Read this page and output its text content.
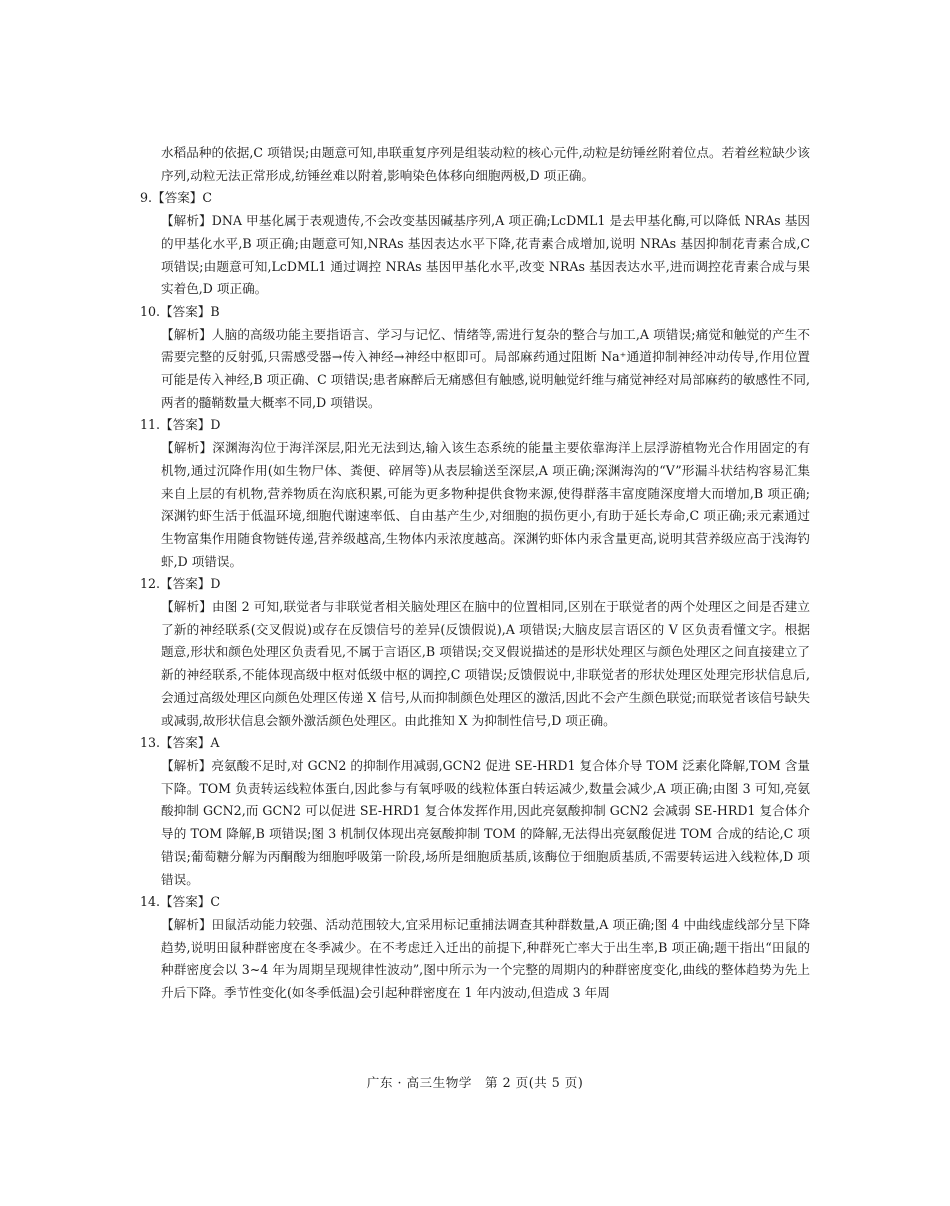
水稻品种的依据,C 项错误;由题意可知,串联重复序列是组装动粒的核心元件,动粒是纺锤丝附着位点。若着丝粒缺少该序列,动粒无法正常形成,纺锤丝难以附着,影响染色体移向细胞两极,D 项正确。

9.【答案】C

【解析】DNA 甲基化属于表观遗传,不会改变基因碱基序列,A 项正确;LcDML1 是去甲基化酶,可以降低 NRAs 基因的甲基化水平,B 项正确;由题意可知,NRAs 基因表达水平下降,花青素合成增加,说明 NRAs 基因抑制花青素合成,C 项错误;由题意可知,LcDML1 通过调控 NRAs 基因甲基化水平,改变 NRAs 基因表达水平,进而调控花青素合成与果实着色,D 项正确。

10.【答案】B

【解析】人脑的高级功能主要指语言、学习与记忆、情绪等,需进行复杂的整合与加工,A 项错误;痛觉和触觉的产生不需要完整的反射弧,只需感受器→传入神经→神经中枢即可。局部麻药通过阻断 Na⁺通道抑制神经冲动传导,作用位置可能是传入神经,B 项正确、C 项错误;患者麻醉后无痛感但有触感,说明触觉纤维与痛觉神经对局部麻药的敏感性不同,两者的髓鞘数量大概率不同,D 项错误。

11.【答案】D

【解析】深渊海沟位于海洋深层,阳光无法到达,输入该生态系统的能量主要依靠海洋上层浮游植物光合作用固定的有机物,通过沉降作用(如生物尸体、粪便、碎屑等)从表层输送至深层,A 项正确;深渊海沟的“V”形漏斗状结构容易汇集来自上层的有机物,营养物质在沟底积累,可能为更多物种提供食物来源,使得群落丰富度随深度增大而增加,B 项正确;深渊钓虾生活于低温环境,细胞代谢速率低、自由基产生少,对细胞的损伤更小,有助于延长寿命,C 项正确;汞元素通过生物富集作用随食物链传递,营养级越高,生物体内汞浓度越高。深渊钓虾体内汞含量更高,说明其营养级应高于浅海钓虾,D 项错误。

12.【答案】D

【解析】由图 2 可知,联觉者与非联觉者相关脑处理区在脑中的位置相同,区别在于联觉者的两个处理区之间是否建立了新的神经联系(交叉假说)或存在反馈信号的差异(反馈假说),A 项错误;大脑皮层言语区的 V 区负责看懂文字。根据题意,形状和颜色处理区负责看见,不属于言语区,B 项错误;交叉假说描述的是形状处理区与颜色处理区之间直接建立了新的神经联系,不能体现高级中枢对低级中枢的调控,C 项错误;反馈假说中,非联觉者的形状处理区处理完形状信息后,会通过高级处理区向颜色处理区传递 X 信号,从而抑制颜色处理区的激活,因此不会产生颜色联觉;而联觉者该信号缺失或减弱,故形状信息会额外激活颜色处理区。由此推知 X 为抑制性信号,D 项正确。

13.【答案】A

【解析】亮氨酸不足时,对 GCN2 的抑制作用减弱,GCN2 促进 SE-HRD1 复合体介导 TOM 泛素化降解,TOM 含量下降。TOM 负责转运线粒体蛋白,因此参与有氧呼吸的线粒体蛋白转运减少,数量会减少,A 项正确;由图 3 可知,亮氨酸抑制 GCN2,而 GCN2 可以促进 SE-HRD1 复合体发挥作用,因此亮氨酸抑制 GCN2 会减弱 SE-HRD1 复合体介导的 TOM 降解,B 项错误;图 3 机制仅体现出亮氨酸抑制 TOM 的降解,无法得出亮氨酸促进 TOM 合成的结论,C 项错误;葡萄糖分解为丙酮酸为细胞呼吸第一阶段,场所是细胞质基质,该酶位于细胞质基质,不需要转运进入线粒体,D 项错误。

14.【答案】C

【解析】田鼠活动能力较强、活动范围较大,宜采用标记重捕法调查其种群数量,A 项正确;图 4 中曲线虚线部分呈下降趋势,说明田鼠种群密度在冬季减少。在不考虑迁入迁出的前提下,种群死亡率大于出生率,B 项正确;题干指出“田鼠的种群密度会以 3~4 年为周期呈现规律性波动”,图中所示为一个完整的周期内的种群密度变化,曲线的整体趋势为先上升后下降。季节性变化(如冬季低温)会引起种群密度在 1 年内波动,但造成 3 年周

广东 · 高三生物学　第 2 页(共 5 页)
